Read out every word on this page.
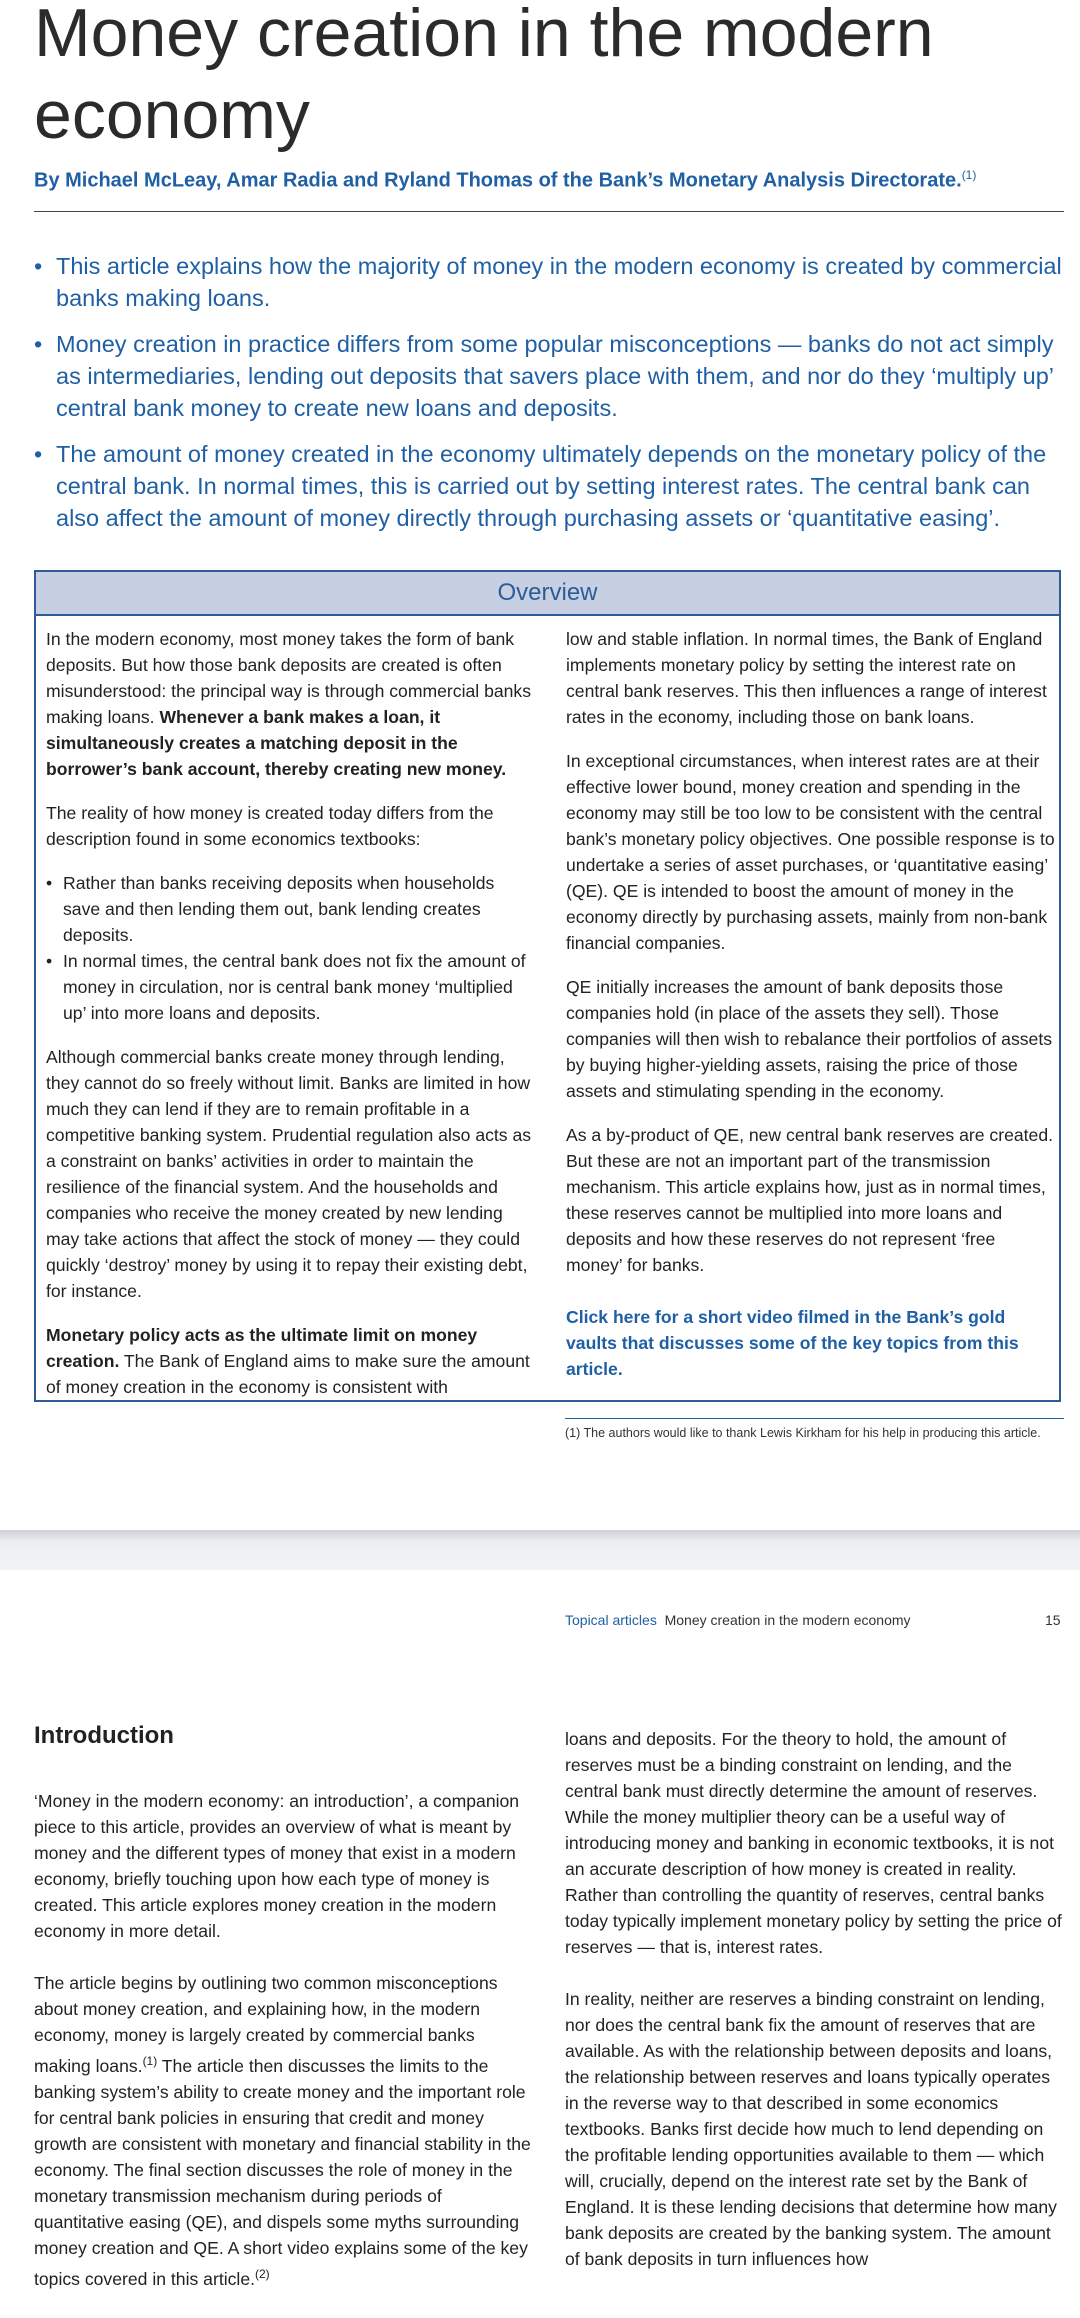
Money creation in the modern economy

By Michael McLeay, Amar Radia and Ryland Thomas of the Bank’s Monetary Analysis Directorate.$^{(1)}$

• This article explains how the majority of money in the modern economy is created by commercial banks making loans.
• Money creation in practice differs from some popular misconceptions — banks do not act simply as intermediaries, lending out deposits that savers place with them, and nor do they ‘multiply up’ central bank money to create new loans and deposits.
• The amount of money created in the economy ultimately depends on the monetary policy of the central bank. In normal times, this is carried out by setting interest rates. The central bank can also affect the amount of money directly through purchasing assets or ‘quantitative easing’.
Overview

In the modern economy, most money takes the form of bank deposits. But how those bank deposits are created is often misunderstood: the principal way is through commercial banks making loans. Whenever a bank makes a loan, it simultaneously creates a matching deposit in the borrower’s bank account, thereby creating new money.

The reality of how money is created today differs from the description found in some economics textbooks:

• Rather than banks receiving deposits when households save and then lending them out, bank lending creates deposits.
• In normal times, the central bank does not fix the amount of money in circulation, nor is central bank money ‘multiplied up’ into more loans and deposits.

Although commercial banks create money through lending, they cannot do so freely without limit. Banks are limited in how much they can lend if they are to remain profitable in a competitive banking system. Prudential regulation also acts as a constraint on banks’ activities in order to maintain the resilience of the financial system. And the households and companies who receive the money created by new lending may take actions that affect the stock of money — they could quickly ‘destroy’ money by using it to repay their existing debt, for instance.

Monetary policy acts as the ultimate limit on money creation. The Bank of England aims to make sure the amount of money creation in the economy is consistent with

low and stable inflation. In normal times, the Bank of England implements monetary policy by setting the interest rate on central bank reserves. This then influences a range of interest rates in the economy, including those on bank loans.

In exceptional circumstances, when interest rates are at their effective lower bound, money creation and spending in the economy may still be too low to be consistent with the central bank’s monetary policy objectives. One possible response is to undertake a series of asset purchases, or ‘quantitative easing’ (QE). QE is intended to boost the amount of money in the economy directly by purchasing assets, mainly from non-bank financial companies.

QE initially increases the amount of bank deposits those companies hold (in place of the assets they sell). Those companies will then wish to rebalance their portfolios of assets by buying higher-yielding assets, raising the price of those assets and stimulating spending in the economy.

As a by-product of QE, new central bank reserves are created. But these are not an important part of the transmission mechanism. This article explains how, just as in normal times, these reserves cannot be multiplied into more loans and deposits and how these reserves do not represent ‘free money’ for banks.

Click here for a short video filmed in the Bank’s gold vaults that discusses some of the key topics from this article.

(1) The authors would like to thank Lewis Kirkham for his help in producing this article.
Topical articles Money creation in the modern economy	15
Introduction

‘Money in the modern economy: an introduction’, a companion piece to this article, provides an overview of what is meant by money and the different types of money that exist in a modern economy, briefly touching upon how each type of money is created. This article explores money creation in the modern economy in more detail.

The article begins by outlining two common misconceptions about money creation, and explaining how, in the modern economy, money is largely created by commercial banks making loans.$^{(1)}$ The article then discusses the limits to the banking system’s ability to create money and the important role for central bank policies in ensuring that credit and money growth are consistent with monetary and financial stability in the economy. The final section discusses the role of money in the monetary transmission mechanism during periods of quantitative easing (QE), and dispels some myths surrounding money creation and QE. A short video explains some of the key topics covered in this article.$^{(2)}$

loans and deposits. For the theory to hold, the amount of reserves must be a binding constraint on lending, and the central bank must directly determine the amount of reserves. While the money multiplier theory can be a useful way of introducing money and banking in economic textbooks, it is not an accurate description of how money is created in reality. Rather than controlling the quantity of reserves, central banks today typically implement monetary policy by setting the price of reserves — that is, interest rates.

In reality, neither are reserves a binding constraint on lending, nor does the central bank fix the amount of reserves that are available. As with the relationship between deposits and loans, the relationship between reserves and loans typically operates in the reverse way to that described in some economics textbooks. Banks first decide how much to lend depending on the profitable lending opportunities available to them — which will, crucially, depend on the interest rate set by the Bank of England. It is these lending decisions that determine how many bank deposits are created by the banking system. The amount of bank deposits in turn influences how
